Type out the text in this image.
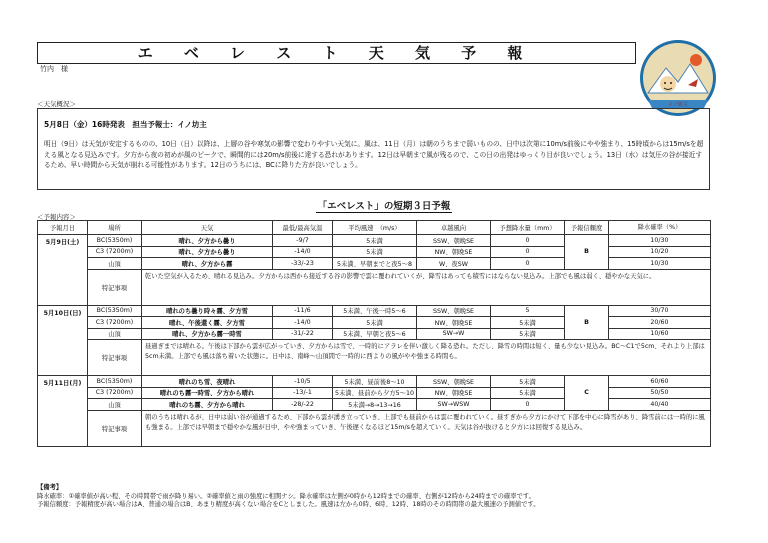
エ ベ レ ス ト 天 気 予 報
竹内　様
イノ坊主
＜天気概況＞
5月8日（金）16時発表　担当予報士：イノ坊主
明日（9日）は天気が安定するものの、10日（日）以降は、上層の谷や寒気の影響で変わりやすい天気に。風は、11日（月）は朝のうちまで弱いものの、日中は次第に10m/s前後にやや強まり、15時頃からは15m/sを超える風となる見込みです。夕方から夜の初めが風のピークで、瞬間的には20m/s前後に達する恐れがあります。12日は早朝まで風が残るので、この日の出発はゆっくり目が良いでしょう。13日（水）は気圧の谷が接近するため、早い時間から天気が崩れる可能性があります。12日のうちには、BCに降りた方が良いでしょう。
「エベレスト」の短期３日予報
＜予報内容＞
予報月日	場所	天気	最低/最高気温	平均風速　（m/s）	卓越風向	予想降水量（mm）	予報信頼度	降水確率（%）
5月9日(土)	BC(5350m)	晴れ、夕方から曇り	-9/7	5未満	SSW、朝晩SE	0	B	10/30
	C3 (7200m)	晴れ、夕方から曇り	-14/0	5未満	NW、朝晩SE	0		10/20
	山頂	晴れ、夕方から霧	-33/-23	5未満、早朝までと夜5〜8	W、夜SW	0		10/30
	特記事項	乾いた空気が入るため、晴れる見込み。夕方からは西から接近する谷の影響で雲に覆われていくが、降雪はあっても積雪にはならない見込み。上部でも風は弱く、穏やかな天気に。						
5月10日(日)	BC(5350m)	晴れのち曇り時々霧、夕方雪	-11/6	5未満、午後一時5〜6	SSW、朝晩SE	5	B	30/70
	C3 (7200m)	晴れ、午後還く霧、夕方雪	-14/0	5未満	NW、朝晩SE	5未満		20/60
	山頂	晴れ、夕方から霧一時雪	-31/-22	5未満、早朝と夜5〜6	SW→W	5未満		10/60
	特記事項	昼過ぎまでは晴れる。午後は下部から雲が広がっていき、夕方からは雪で、一時的にアラレを伴い激しく降る恐れ。ただし、降雪の時間は短く、量も少ない見込み。BC〜C1で5cm、それより上部は5cm未満。上部でも風は落ち着いた状態に。日中は、南峰〜山頂間で一時的に西よりの風がやや強まる時間も。						
5月11日(月)	BC(5350m)	晴れのち雪、夜晴れ	-10/5	5未満、昼前後8〜10	SSW、朝晩SE	5未満	C	60/60
	C3 (7200m)	晴れのち霧一時雪、夕方から晴れ	-13/-1	5未満、昼前から夕方5〜10	NW、朝晩SE	5未満		50/50
	山頂	晴れのち霧、夕方から晴れ	-28/-22	5未満→8→13→16	SW→WSW	0		40/40
	特記事項	朝のうちは晴れるが、日中は弱い谷が通過するため、下部から雲が湧き立っていき、上部でも昼前からは雲に覆われていく。昼すぎから夕方にかけて下部を中心に降雪があり、降雪前には一時的に風も強まる。上部では早朝まで穏やかな風が日中、やや強まっていき、午後遅くなるほど15m/sを超えていく。天気は谷が抜けると夕方には回復する見込み。						
【備考】
降水確率：①確率値が高い程、その時間帯で雨が降り易い。②確率値と雨の強度に相関ナシ。降水確率は左側が0時から12時までの確率、右側が12時から24時までの確率です。
予報信頼度：予報精度が高い場合はA、普通の場合はB、あまり精度が高くない場合をCとしました。風速は左から0時、6時、12時、18時のその時間帯の最大風速の予測値です。
